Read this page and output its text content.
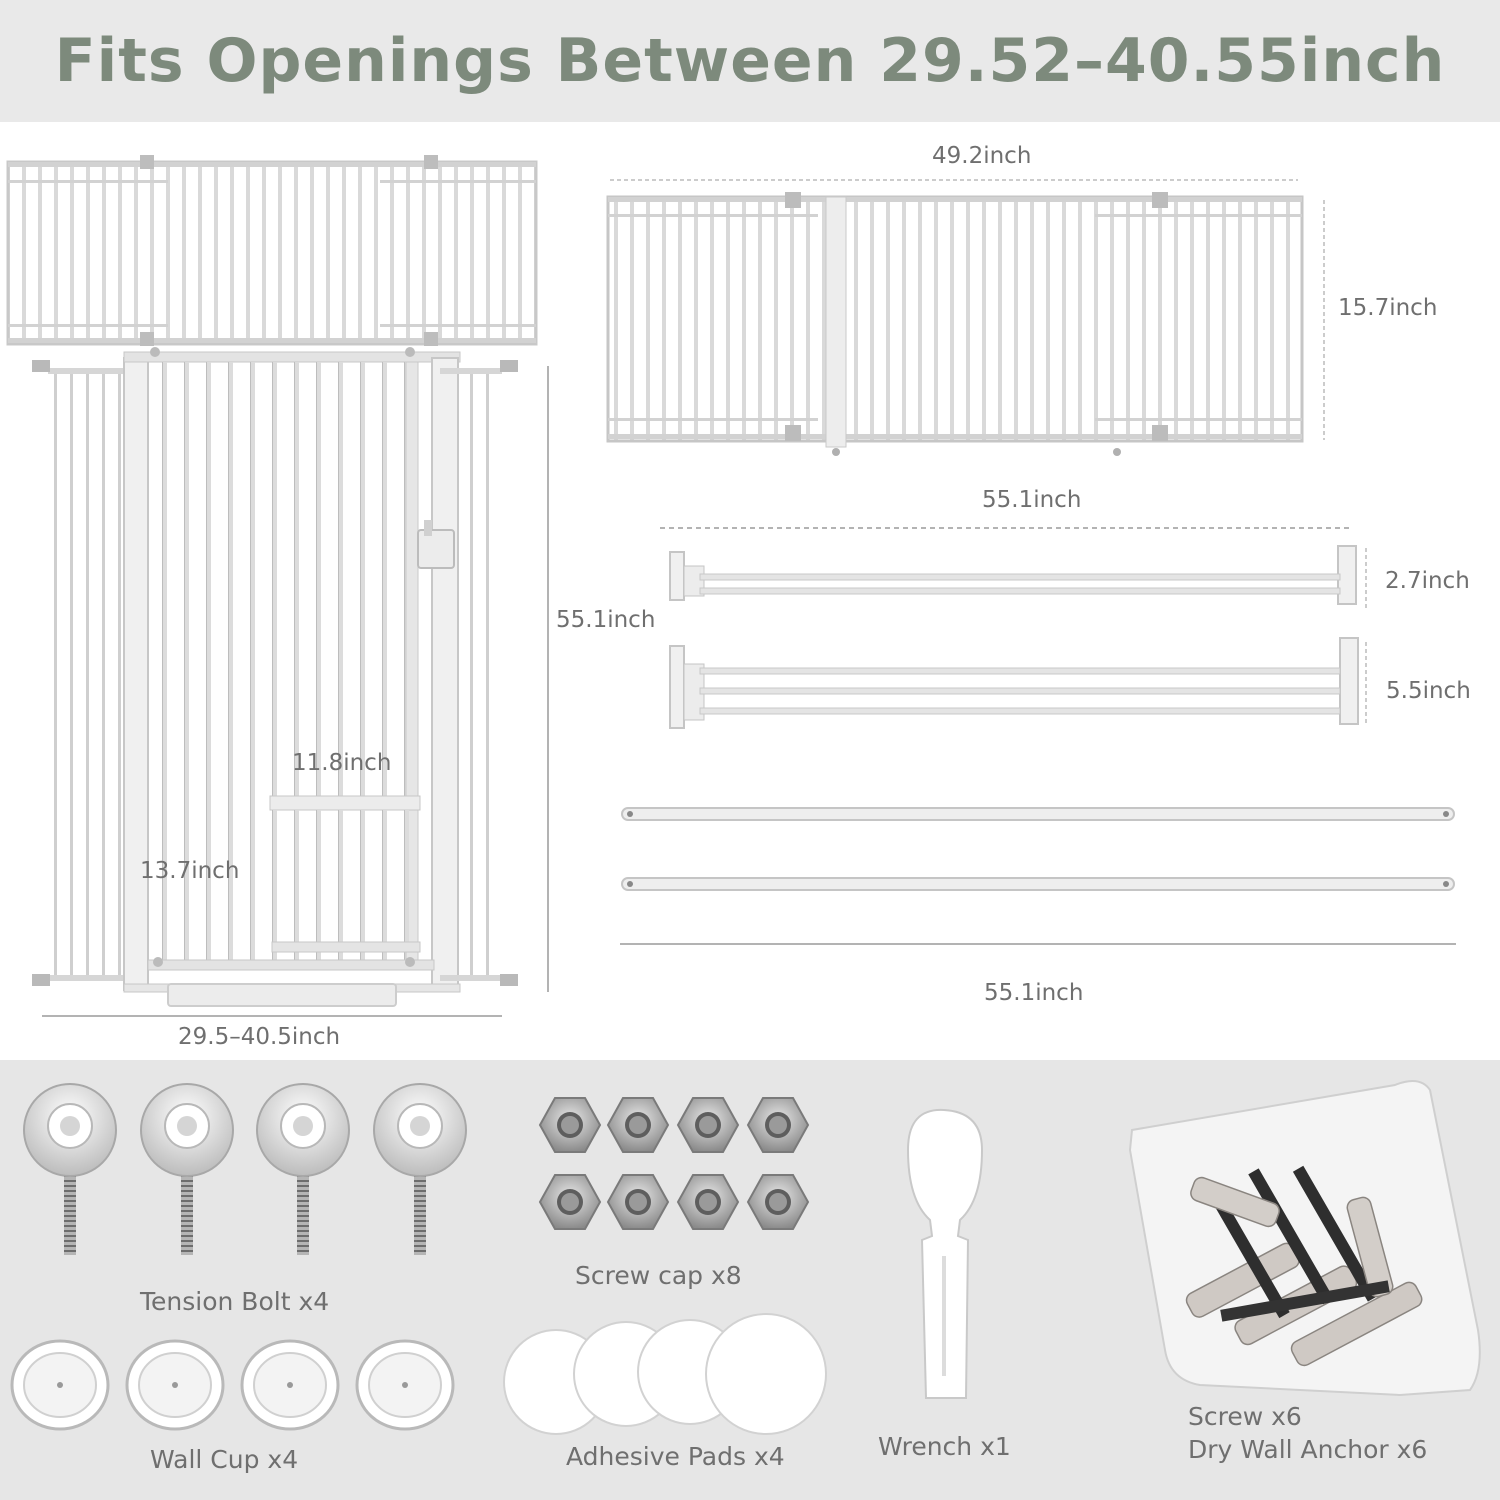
Fits Openings Between 29.52–40.55inch
49.2inch
15.7inch
55.1inch
2.7inch
5.5inch
55.1inch
55.1inch
11.8inch
13.7inch
29.5–40.5inch
Tension Bolt x4
Screw cap x8
Wall Cup x4	Adhesive Pads x4	Wrench x1
Screw x6
Dry Wall Anchor x6
